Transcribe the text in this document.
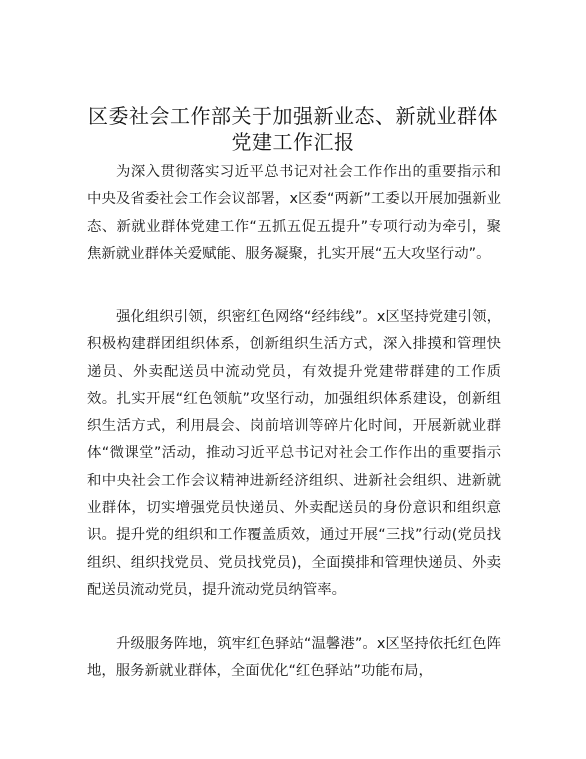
区委社会工作部关于加强新业态、新就业群体
党建工作汇报

为深入贯彻落实习近平总书记对社会工作作出的重要指示和中央及省委社会工作会议部署，x区委“两新”工委以开展加强新业态、新就业群体党建工作“五抓五促五提升”专项行动为牵引，聚焦新就业群体关爱赋能、服务凝聚，扎实开展“五大攻坚行动”。

强化组织引领，织密红色网络“经纬线”。x区坚持党建引领，积极构建群团组织体系，创新组织生活方式，深入排摸和管理快递员、外卖配送员中流动党员，有效提升党建带群建的工作质效。扎实开展“红色领航”攻坚行动，加强组织体系建设，创新组织生活方式，利用晨会、岗前培训等碎片化时间，开展新就业群体“微课堂”活动，推动习近平总书记对社会工作作出的重要指示和中央社会工作会议精神进新经济组织、进新社会组织、进新就业群体，切实增强党员快递员、外卖配送员的身份意识和组织意识。提升党的组织和工作覆盖质效，通过开展“三找”行动(党员找组织、组织找党员、党员找党员)，全面摸排和管理快递员、外卖配送员流动党员，提升流动党员纳管率。

升级服务阵地，筑牢红色驿站“温馨港”。x区坚持依托红色阵地，服务新就业群体，全面优化“红色驿站”功能布局，
